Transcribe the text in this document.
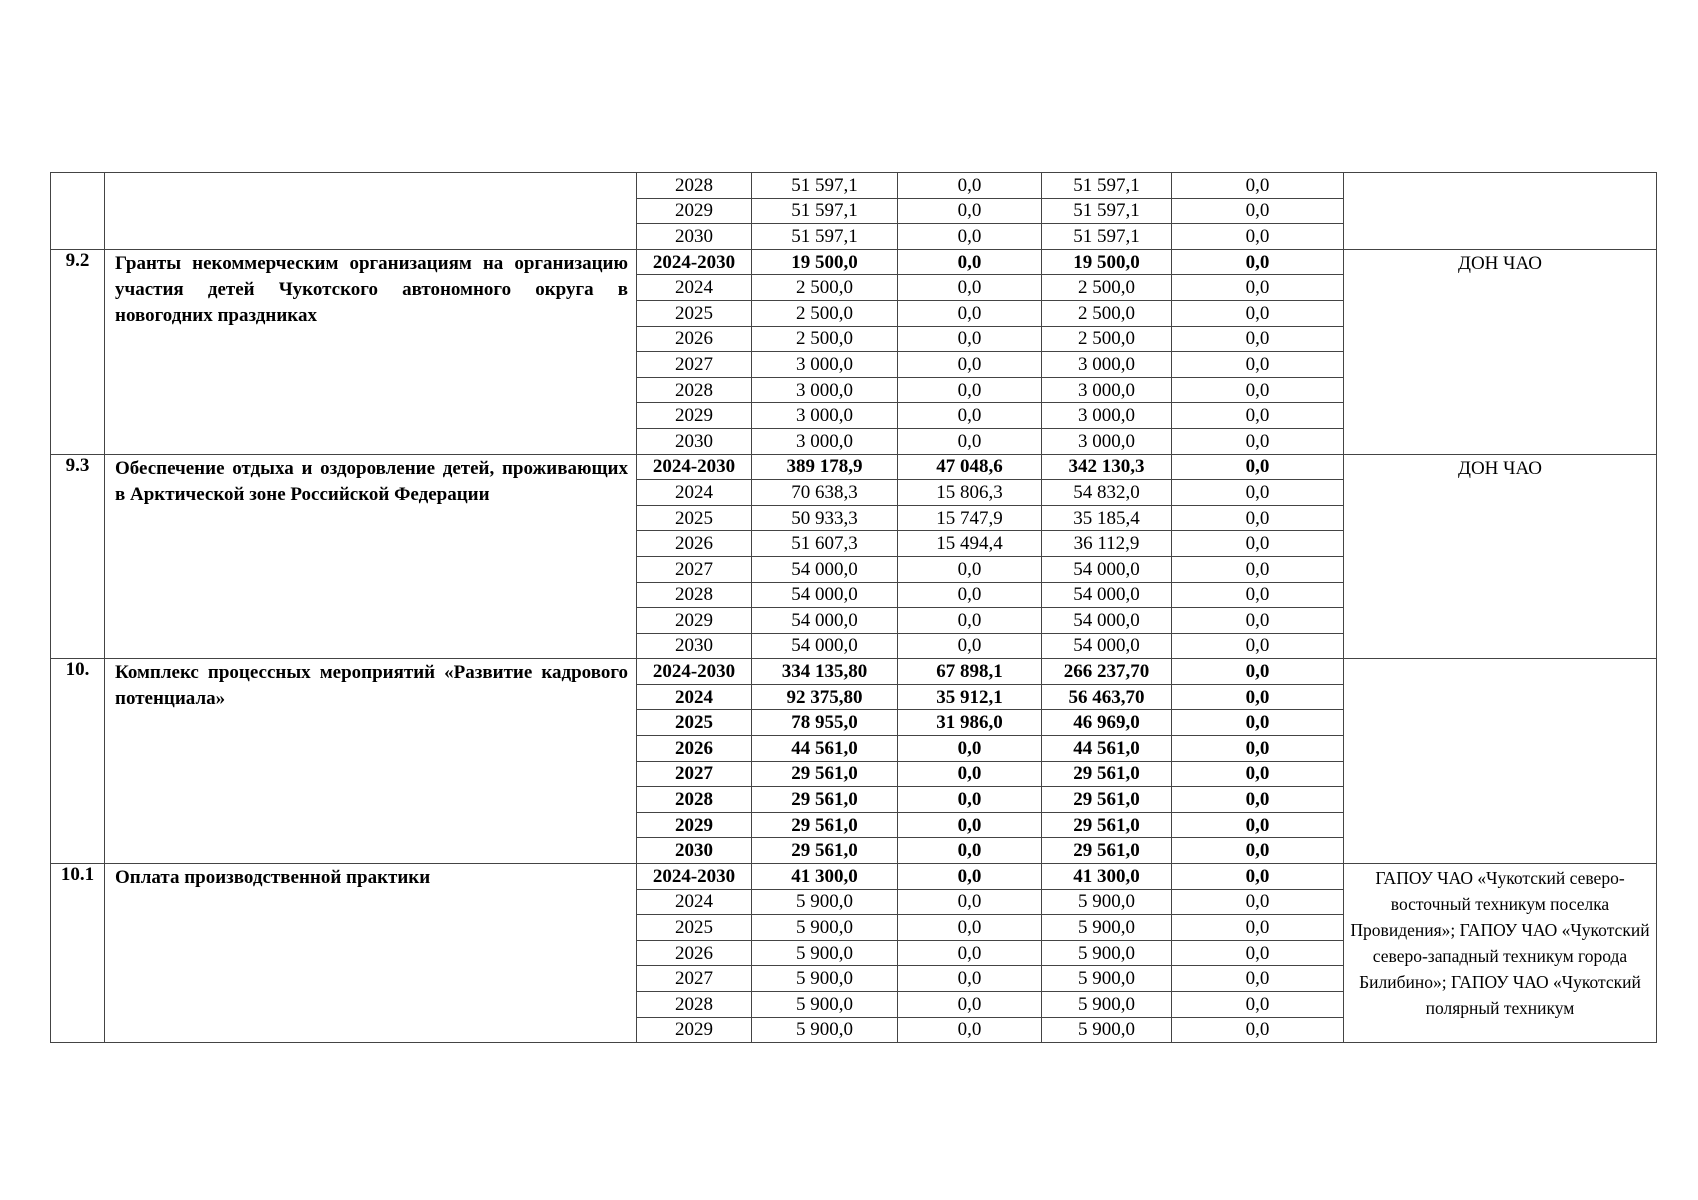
		2028	51 597,1	0,0	51 597,1	0,0	
		2029	51 597,1	0,0	51 597,1	0,0	
		2030	51 597,1	0,0	51 597,1	0,0	
9.2	Гранты некоммерческим организациям на организацию участия детей Чукотского автономного округа в новогодних праздниках	2024-2030	19 500,0	0,0	19 500,0	0,0	ДОН ЧАО
		2024	2 500,0	0,0	2 500,0	0,0	
		2025	2 500,0	0,0	2 500,0	0,0	
		2026	2 500,0	0,0	2 500,0	0,0	
		2027	3 000,0	0,0	3 000,0	0,0	
		2028	3 000,0	0,0	3 000,0	0,0	
		2029	3 000,0	0,0	3 000,0	0,0	
		2030	3 000,0	0,0	3 000,0	0,0	
9.3	Обеспечение отдыха и оздоровление детей, проживающих в Арктической зоне Российской Федерации	2024-2030	389 178,9	47 048,6	342 130,3	0,0	ДОН ЧАО
		2024	70 638,3	15 806,3	54 832,0	0,0	
		2025	50 933,3	15 747,9	35 185,4	0,0	
		2026	51 607,3	15 494,4	36 112,9	0,0	
		2027	54 000,0	0,0	54 000,0	0,0	
		2028	54 000,0	0,0	54 000,0	0,0	
		2029	54 000,0	0,0	54 000,0	0,0	
		2030	54 000,0	0,0	54 000,0	0,0	
10.	Комплекс процессных мероприятий «Развитие кадрового потенциала»	2024-2030	334 135,80	67 898,1	266 237,70	0,0	
		2024	92 375,80	35 912,1	56 463,70	0,0	
		2025	78 955,0	31 986,0	46 969,0	0,0	
		2026	44 561,0	0,0	44 561,0	0,0	
		2027	29 561,0	0,0	29 561,0	0,0	
		2028	29 561,0	0,0	29 561,0	0,0	
		2029	29 561,0	0,0	29 561,0	0,0	
		2030	29 561,0	0,0	29 561,0	0,0	
10.1	Оплата производственной практики	2024-2030	41 300,0	0,0	41 300,0	0,0	ГАПОУ ЧАО «Чукотский северо-восточный техникум поселка Провидения»; ГАПОУ ЧАО «Чукотский северо-западный техникум города Билибино»; ГАПОУ ЧАО «Чукотский полярный техникум
		2024	5 900,0	0,0	5 900,0	0,0	
		2025	5 900,0	0,0	5 900,0	0,0	
		2026	5 900,0	0,0	5 900,0	0,0	
		2027	5 900,0	0,0	5 900,0	0,0	
		2028	5 900,0	0,0	5 900,0	0,0	
		2029	5 900,0	0,0	5 900,0	0,0	
